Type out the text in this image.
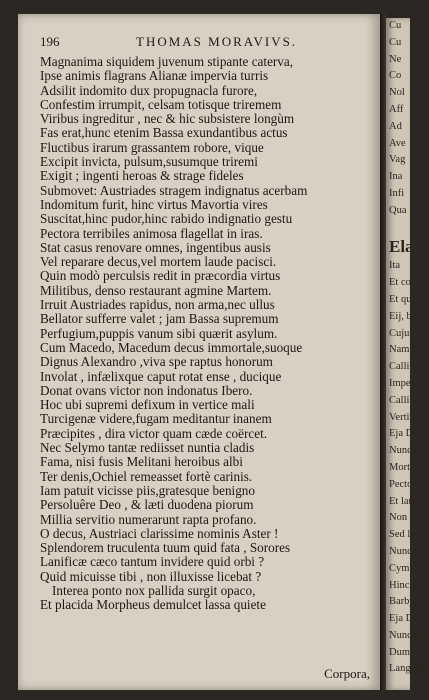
196	THOMAS MORAVIVS.
Magnanima siquidem juvenum stipante caterva,
Ipse animis flagrans Alianæ impervia turris
Adsilit indomito dux propugnacla furore,
Confestim irrumpit, celsam totisque triremem
Viribus ingreditur , nec & hic subsistere longùm
Fas erat,hunc etenim Bassa exundantibus actus
Fluctibus irarum grassantem robore, vique
Excipit invicta, pulsum,susumque triremi
Exigit ; ingenti heroas & strage fideles
Submovet: Austriades stragem indignatus acerbam
Indomitum furit, hinc virtus Mavortia vires
Suscitat,hinc pudor,hinc rabido indignatio gestu
Pectora terribiles animosa flagellat in iras.
Stat casus renovare omnes, ingentibus ausis
Vel reparare decus,vel mortem laude pacisci.
Quin modò perculsis redit in præcordia virtus
Militibus, denso restaurant agmine Martem.
Irruit Austriades rapidus, non arma,nec ullus
Bellator sufferre valet ; jam Bassa supremum
Perfugium,puppis vanum sibi quærit asylum.
Cum Macedo, Macedum decus immortale,suoque
Dignus Alexandro ,viva spe raptus honorum
Involat , infælixque caput rotat ense , ducique
Donat ovans victor non indonatus Ibero.
Hoc ubi supremi defixum in vertice mali
Turcigenæ videre,fugam meditantur inanem
Præcipites , dira victor quam cæde coërcet.
Nec Selymo tantæ rediisset nuntia cladis
Fama, nisi fusis Melitani heroibus albi
Ter denis,Ochiel remeasset fortè carinis.
Iam patuit vicisse piis,gratesque benigno
Persoluêre Deo , & læti duodena piorum
Millia servitio numerarunt rapta profano.
O decus, Austriaci clarissime nominis Aster !
Splendorem truculenta tuum quid fata , Sorores
Lanificæ cæco tantum invidere quid orbi ?
Quid micuisse tibi , non illuxisse licebat ?
Interea ponto nox pallida surgit opaco,
Et placida Morpheus demulcet lassa quiete
Corpora,
Cu
Cu
Ne
Co
Nol
Aff
Ad
Ave
Vag
Ina
Infi
Qua
Ela
Ita
Et con
Et qua
Eij, bo
Cujus
Nam m
Callibu
Impedi
Callibu
Vertit
Eja De
Nunc j
Mortife
Pectora
Et laudi
Non cla
Sed lov
Nunc tu
Cymbal
Hinc pu
Barbytus
Eja Den
Nunc jug
Dum
Languida
